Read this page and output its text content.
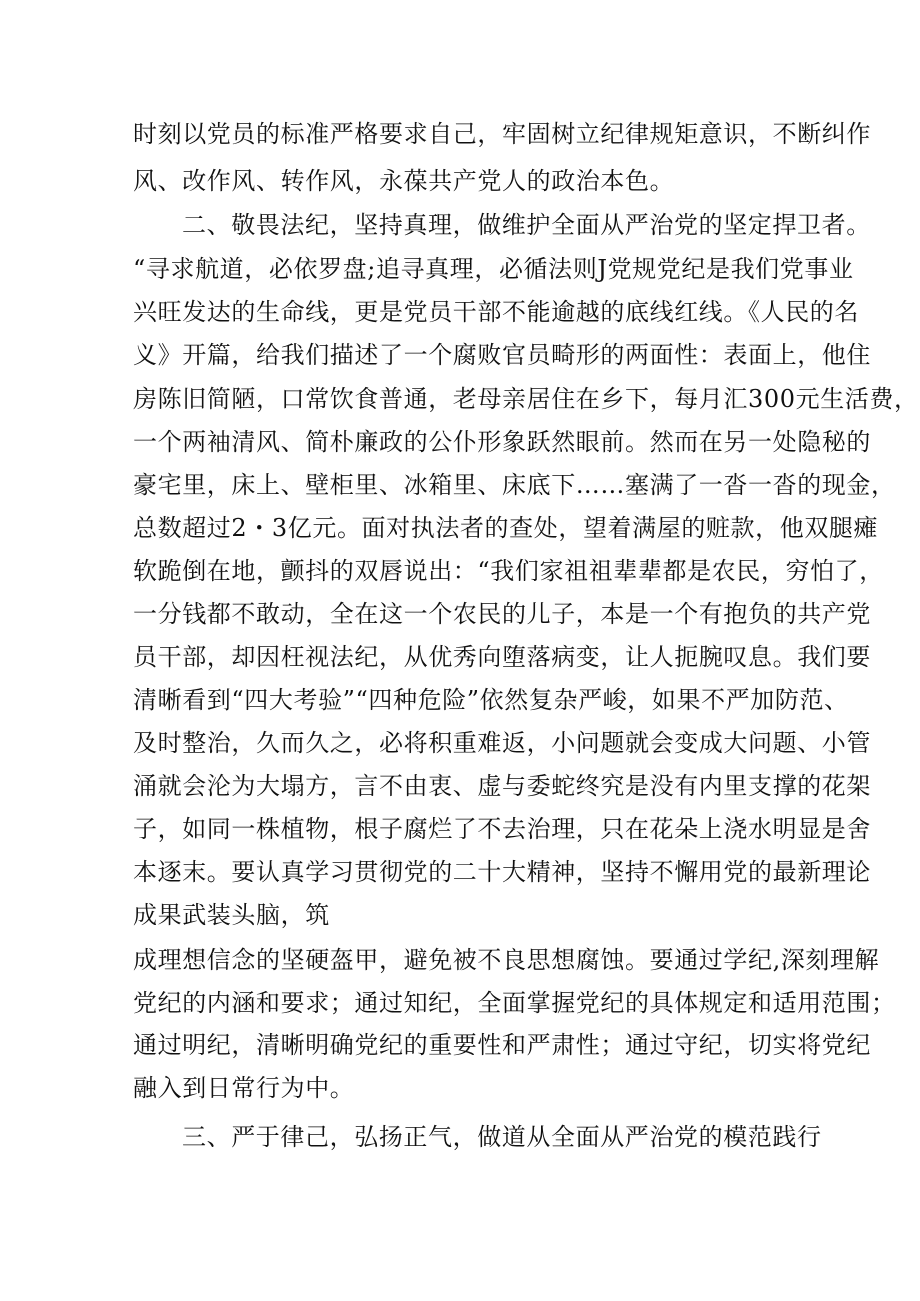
时刻以党员的标准严格要求自己，牢固树立纪律规矩意识，不断纠作
风、改作风、转作风，永葆共产党人的政治本色。
二、敬畏法纪，坚持真理，做维护全面从严治党的坚定捍卫者。
“寻求航道，必依罗盘;追寻真理，必循法则J党规党纪是我们党事业
兴旺发达的生命线，更是党员干部不能逾越的底线红线。《人民的名
义》开篇，给我们描述了一个腐败官员畸形的两面性：表面上，他住
房陈旧简陋，口常饮食普通，老母亲居住在乡下，每月汇300元生活费，
一个两袖清风、简朴廉政的公仆形象跃然眼前。然而在另一处隐秘的
豪宅里，床上、壁柜里、冰箱里、床底下……塞满了一沓一沓的现金，
总数超过2・3亿元。面对执法者的查处，望着满屋的赃款，他双腿瘫
软跪倒在地，颤抖的双唇说出：“我们家祖祖辈辈都是农民，穷怕了，
一分钱都不敢动，全在这一个农民的儿子，本是一个有抱负的共产党
员干部，却因枉视法纪，从优秀向堕落病变，让人扼腕叹息。我们要
清晰看到“四大考验”“四种危险”依然复杂严峻，如果不严加防范、
及时整治，久而久之，必将积重难返，小问题就会变成大问题、小管
涌就会沦为大塌方，言不由衷、虚与委蛇终究是没有内里支撑的花架
子，如同一株植物，根子腐烂了不去治理，只在花朵上浇水明显是舍
本逐末。要认真学习贯彻党的二十大精神，坚持不懈用党的最新理论
成果武装头脑，筑
成理想信念的坚硬盔甲，避免被不良思想腐蚀。要通过学纪,深刻理解
党纪的内涵和要求；通过知纪，全面掌握党纪的具体规定和适用范围；
通过明纪，清晰明确党纪的重要性和严肃性；通过守纪，切实将党纪
融入到日常行为中。
三、严于律己，弘扬正气，做道从全面从严治党的模范践行
